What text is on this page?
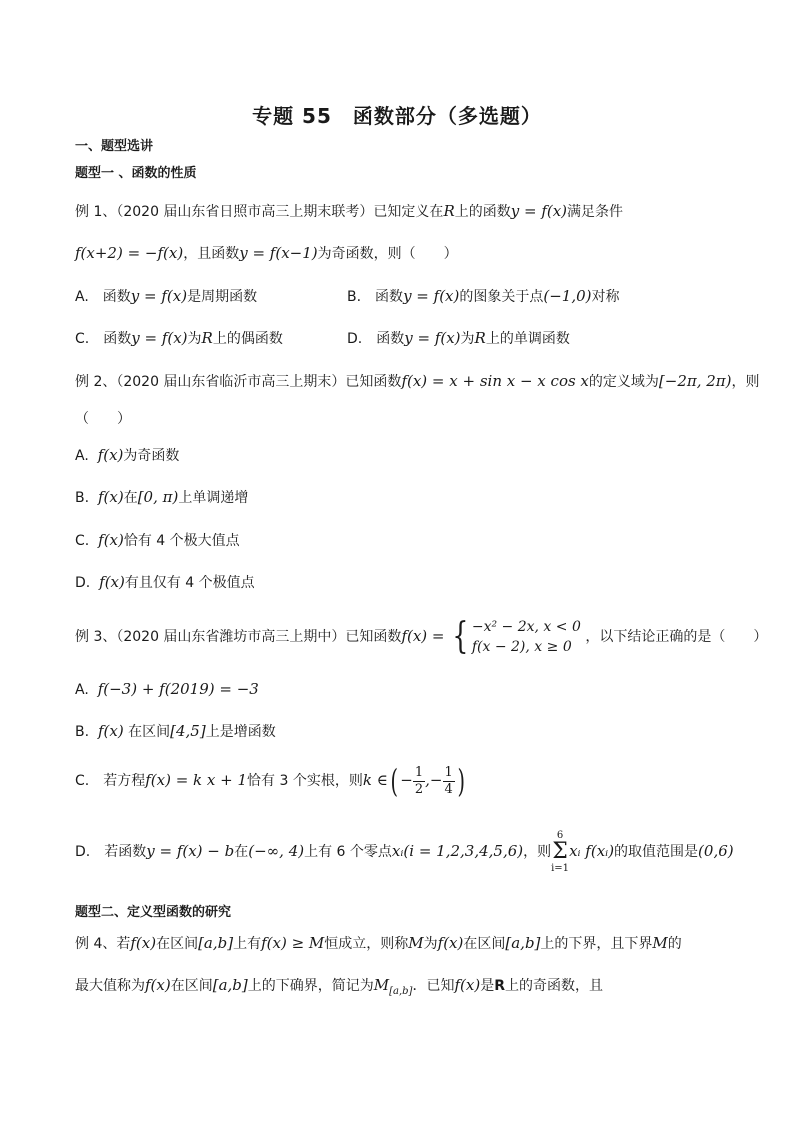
专题 55　函数部分（多选题）
一、题型选讲
题型一 、函数的性质
例 1、（2020 届山东省日照市高三上期末联考）已知定义在R上的函数y = f(x)满足条件
f(x+2) = −f(x)，且函数y = f(x−1)为奇函数，则（　　）
A.　函数y = f(x)是周期函数	B.　函数y = f(x)的图象关于点(−1,0)对称
C.　函数y = f(x)为R上的偶函数	D.　函数y = f(x)为R上的单调函数
例 2、（2020 届山东省临沂市高三上期末）已知函数f(x) = x + sin x − x cos x的定义域为[−2π, 2π)，则
（　　）
A. f(x)为奇函数
B. f(x)在[0, π)上单调递增
C. f(x)恰有 4 个极大值点
D. f(x)有且仅有 4 个极值点
例 3、（2020 届山东省潍坊市高三上期中）已知函数f(x) = { −x² − 2x, x < 0
f(x − 2), x ≥ 0
，以下结论正确的是（　　）
A. f(−3) + f(2019) = −3
B. f(x) 在区间[4,5]上是增函数
C.　若方程f(x) = k x + 1恰有 3 个实根，则k ∈( − $\frac{1}{2}$ ,− $\frac{1}{4}$ )
D.　若函数y = f(x) − b在(−∞, 4)上有 6 个零点xᵢ(i = 1,2,3,4,5,6)，则
6
Σ
i=1
xᵢ f(xᵢ)的取值范围是(0,6)
题型二、定义型函数的研究
例 4、若f(x)在区间[a,b]上有f(x) ≥ M恒成立，则称M为f(x)在区间[a,b]上的下界，且下界M的
最大值称为f(x)在区间[a,b]上的下确界，简记为$M_{[a,b]}$．已知f(x)是R上的奇函数，且
